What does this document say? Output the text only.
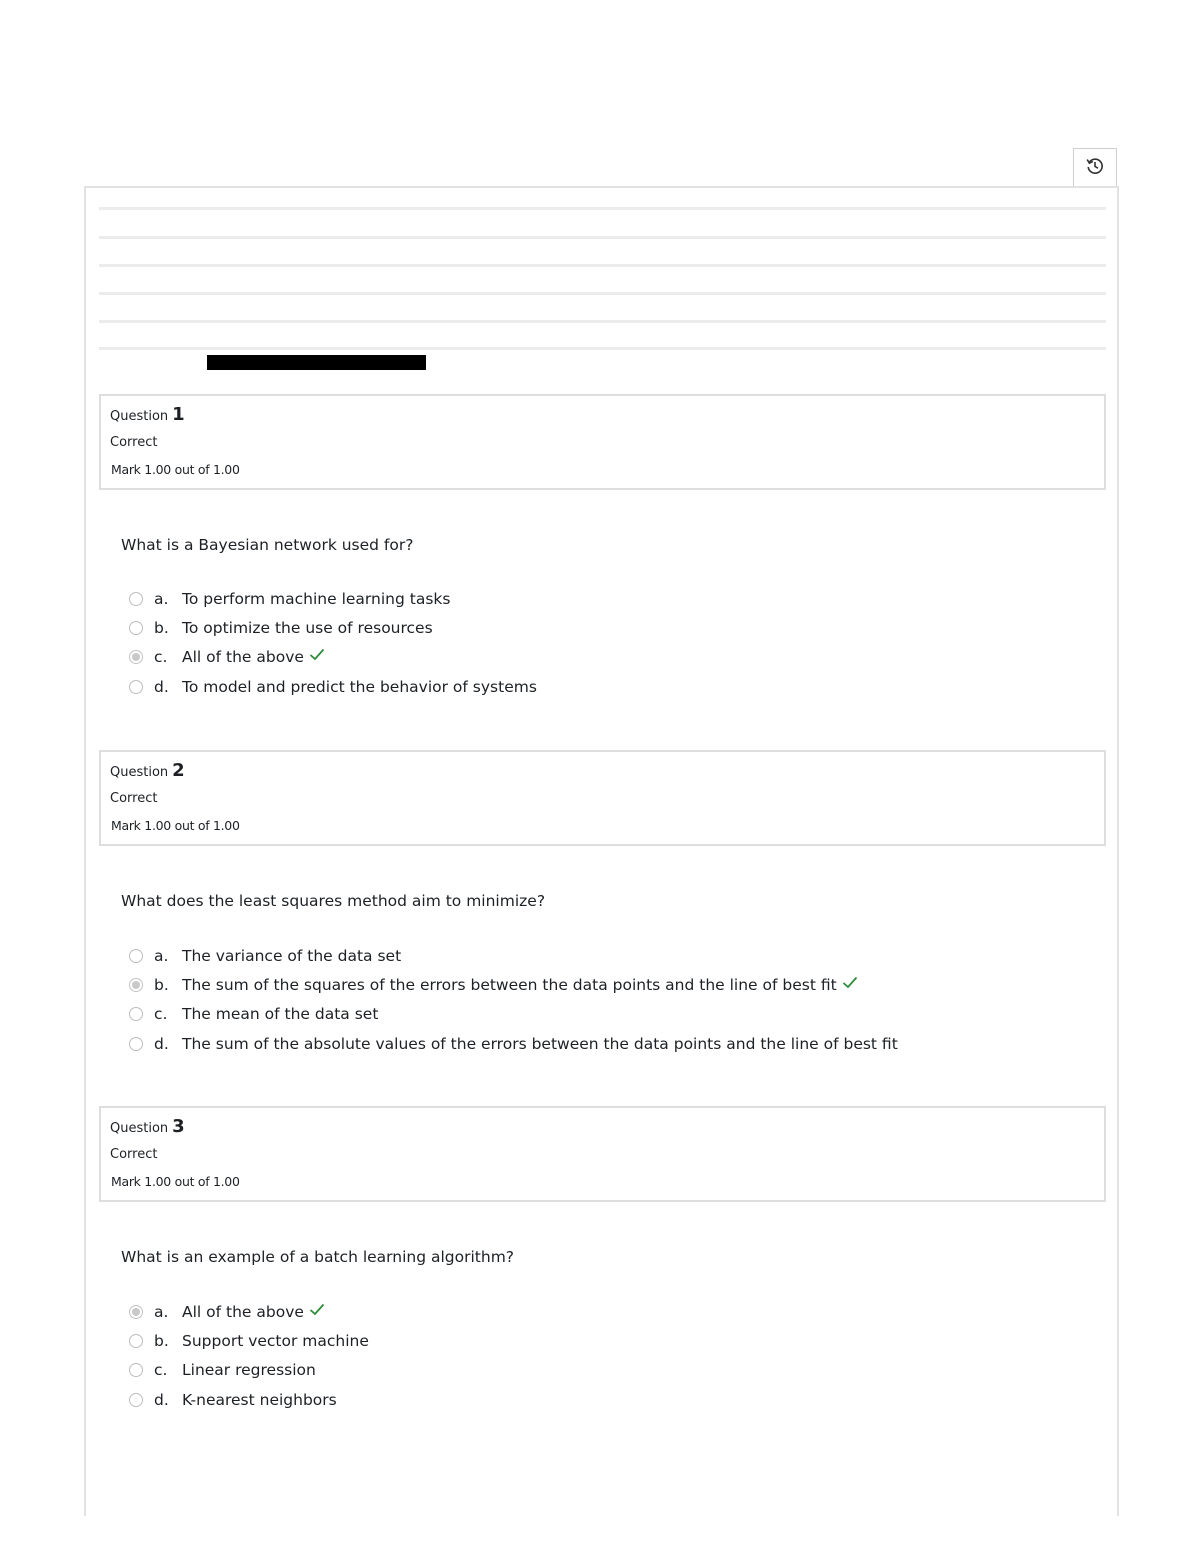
Question 1
Correct
Mark 1.00 out of 1.00
What is a Bayesian network used for?
a. To perform machine learning tasks
b. To optimize the use of resources
c. All of the above
d. To model and predict the behavior of systems
Question 2
Correct
Mark 1.00 out of 1.00
What does the least squares method aim to minimize?
a. The variance of the data set
b. The sum of the squares of the errors between the data points and the line of best fit
c. The mean of the data set
d. The sum of the absolute values of the errors between the data points and the line of best fit
Question 3
Correct
Mark 1.00 out of 1.00
What is an example of a batch learning algorithm?
a. All of the above
b. Support vector machine
c. Linear regression
d. K-nearest neighbors
